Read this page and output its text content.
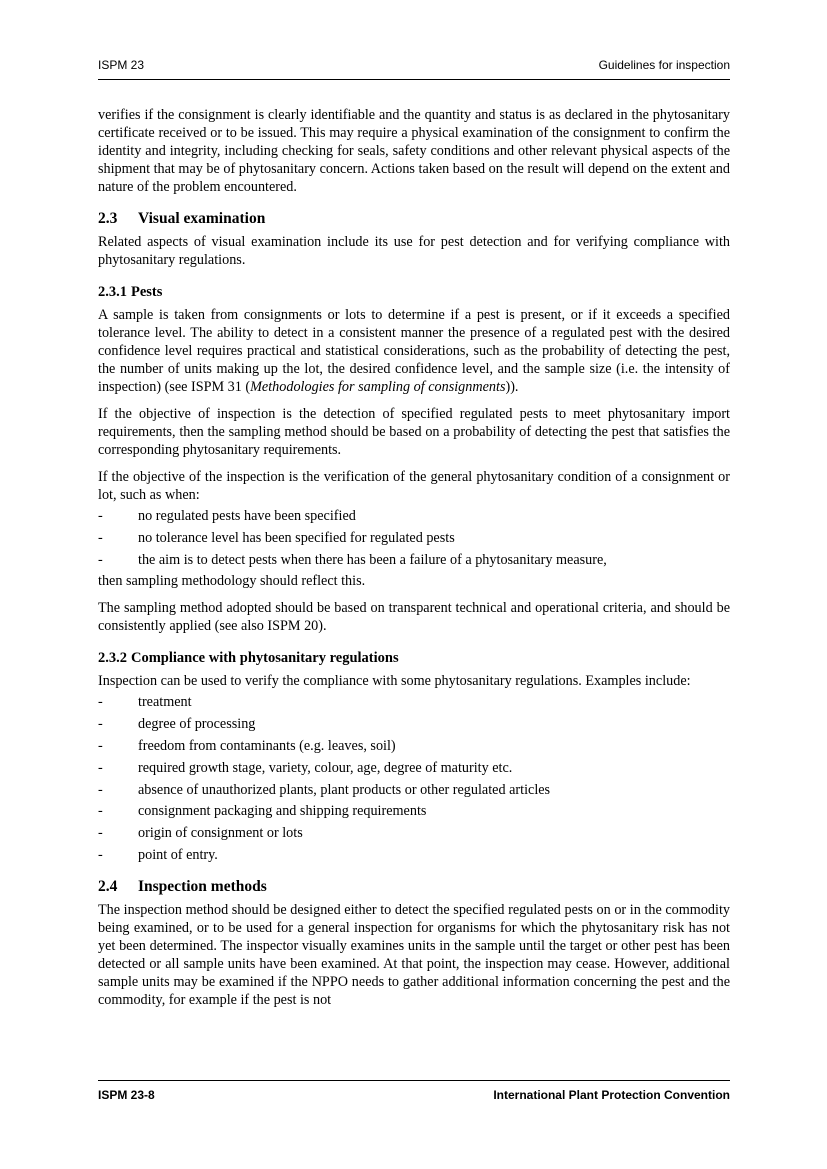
ISPM 23	Guidelines for inspection

verifies if the consignment is clearly identifiable and the quantity and status is as declared in the phytosanitary certificate received or to be issued. This may require a physical examination of the consignment to confirm the identity and integrity, including checking for seals, safety conditions and other relevant physical aspects of the shipment that may be of phytosanitary concern. Actions taken based on the result will depend on the extent and nature of the problem encountered.

2.3 Visual examination

Related aspects of visual examination include its use for pest detection and for verifying compliance with phytosanitary regulations.

2.3.1 Pests

A sample is taken from consignments or lots to determine if a pest is present, or if it exceeds a specified tolerance level. The ability to detect in a consistent manner the presence of a regulated pest with the desired confidence level requires practical and statistical considerations, such as the probability of detecting the pest, the number of units making up the lot, the desired confidence level, and the sample size (i.e. the intensity of inspection) (see ISPM 31 (Methodologies for sampling of consignments)).

If the objective of inspection is the detection of specified regulated pests to meet phytosanitary import requirements, then the sampling method should be based on a probability of detecting the pest that satisfies the corresponding phytosanitary requirements.

If the objective of the inspection is the verification of the general phytosanitary condition of a consignment or lot, such as when:

-	no regulated pests have been specified
-	no tolerance level has been specified for regulated pests
-	the aim is to detect pests when there has been a failure of a phytosanitary measure,

then sampling methodology should reflect this.

The sampling method adopted should be based on transparent technical and operational criteria, and should be consistently applied (see also ISPM 20).

2.3.2 Compliance with phytosanitary regulations

Inspection can be used to verify the compliance with some phytosanitary regulations. Examples include:

-	treatment
-	degree of processing
-	freedom from contaminants (e.g. leaves, soil)
-	required growth stage, variety, colour, age, degree of maturity etc.
-	absence of unauthorized plants, plant products or other regulated articles
-	consignment packaging and shipping requirements
-	origin of consignment or lots
-	point of entry.
2.4 Inspection methods

The inspection method should be designed either to detect the specified regulated pests on or in the commodity being examined, or to be used for a general inspection for organisms for which the phytosanitary risk has not yet been determined. The inspector visually examines units in the sample until the target or other pest has been detected or all sample units have been examined. At that point, the inspection may cease. However, additional sample units may be examined if the NPPO needs to gather additional information concerning the pest and the commodity, for example if the pest is not

ISPM 23-8	International Plant Protection Convention
